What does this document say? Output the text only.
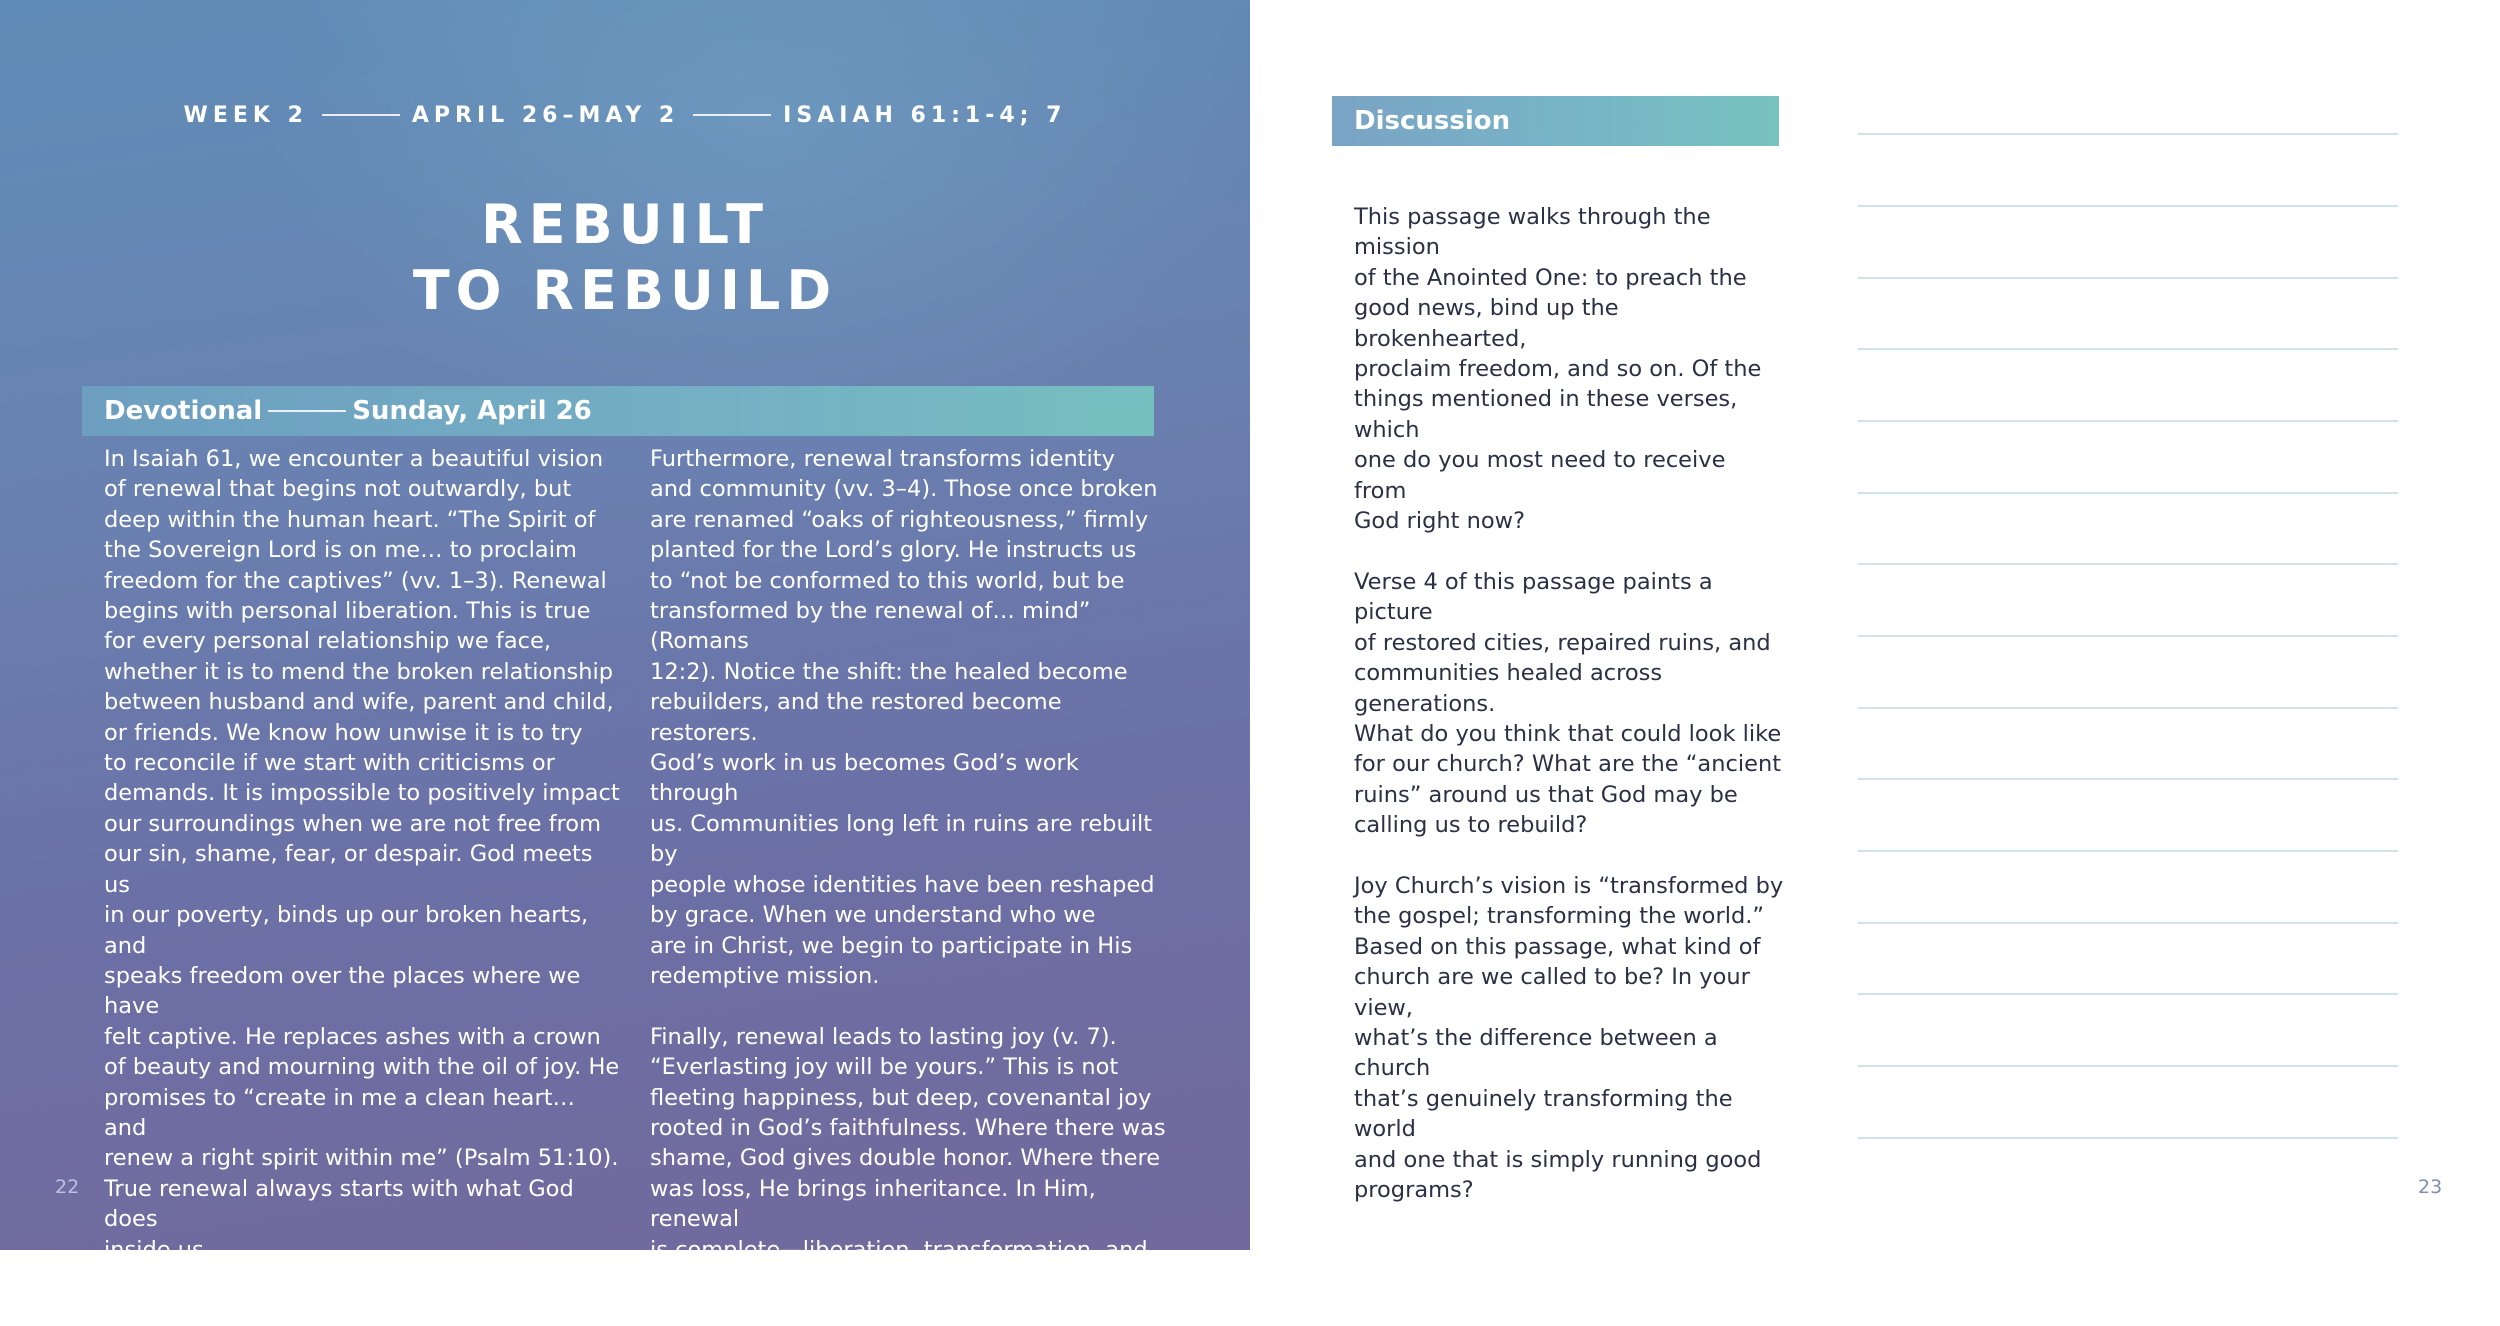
WEEK 2	APRIL 26–MAY 2	ISAIAH 61:1-4; 7
REBUILT
TO REBUILD
Devotional	Sunday, April 26
In Isaiah 61, we encounter a beautiful vision
of renewal that begins not outwardly, but
deep within the human heart. “The Spirit of
the Sovereign Lord is on me… to proclaim
freedom for the captives” (vv. 1–3). Renewal
begins with personal liberation. This is true
for every personal relationship we face,
whether it is to mend the broken relationship
between husband and wife, parent and child,
or friends. We know how unwise it is to try
to reconcile if we start with criticisms or
demands. It is impossible to positively impact
our surroundings when we are not free from
our sin, shame, fear, or despair. God meets us
in our poverty, binds up our broken hearts, and
speaks freedom over the places where we have
felt captive. He replaces ashes with a crown
of beauty and mourning with the oil of joy. He
promises to “create in me a clean heart… and
renew a right spirit within me” (Psalm 51:10).
True renewal always starts with what God does
inside us.
Furthermore, renewal transforms identity
and community (vv. 3–4). Those once broken
are renamed “oaks of righteousness,” firmly
planted for the Lord’s glory. He instructs us
to “not be conformed to this world, but be
transformed by the renewal of… mind” (Romans
12:2). Notice the shift: the healed become
rebuilders, and the restored become restorers.
God’s work in us becomes God’s work through
us. Communities long left in ruins are rebuilt by
people whose identities have been reshaped
by grace. When we understand who we
are in Christ, we begin to participate in His
redemptive mission.

Finally, renewal leads to lasting joy (v. 7).
“Everlasting joy will be yours.” This is not
fleeting happiness, but deep, covenantal joy
rooted in God’s faithfulness. Where there was
shame, God gives double honor. Where there
was loss, He brings inheritance. In Him, renewal
is complete—liberation, transformation, and joy
that endures forever.
22
Discussion
This passage walks through the mission
of the Anointed One: to preach the
good news, bind up the brokenhearted,
proclaim freedom, and so on. Of the
things mentioned in these verses, which
one do you most need to receive from
God right now?

Verse 4 of this passage paints a picture
of restored cities, repaired ruins, and
communities healed across generations.
What do you think that could look like
for our church? What are the “ancient
ruins” around us that God may be
calling us to rebuild?

Joy Church’s vision is “transformed by
the gospel; transforming the world.”
Based on this passage, what kind of
church are we called to be? In your view,
what’s the difference between a church
that’s genuinely transforming the world
and one that is simply running good
programs?	23
